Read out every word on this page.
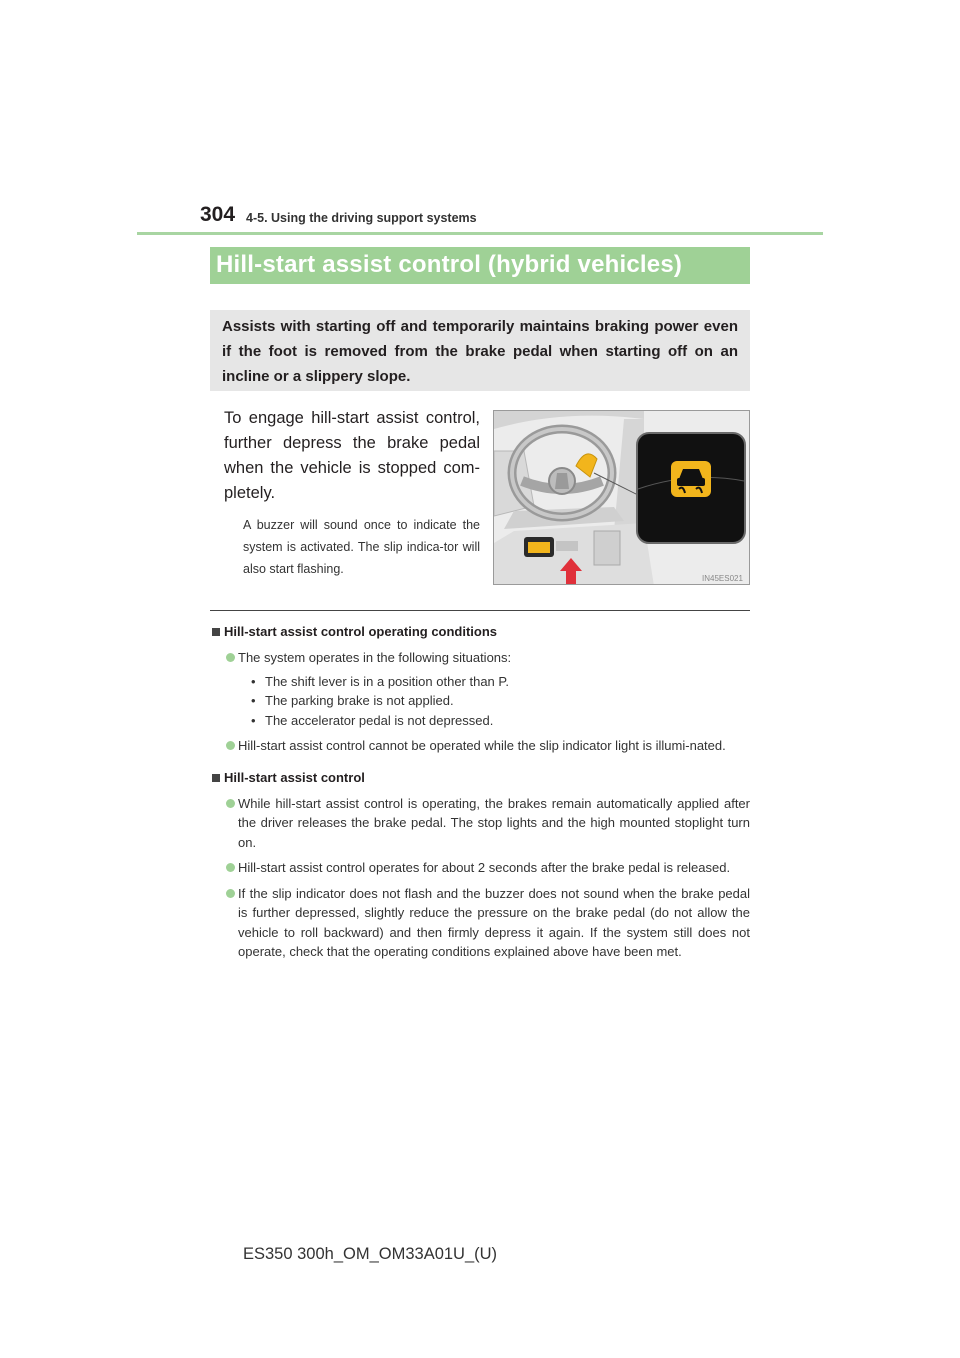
304 4-5. Using the driving support systems
Hill-start assist control (hybrid vehicles)

Assists with starting off and temporarily maintains braking power even if the foot is removed from the brake pedal when starting off on an incline or a slippery slope.

To engage hill-start assist control, further depress the brake pedal when the vehicle is stopped com-pletely.

A buzzer will sound once to indicate the system is activated. The slip indica-tor will also start flashing.

IN45ES021
Hill-start assist control operating conditions
The system operates in the following situations:
• The shift lever is in a position other than P.
• The parking brake is not applied.
• The accelerator pedal is not depressed.
Hill-start assist control cannot be operated while the slip indicator light is illumi-nated.
Hill-start assist control
While hill-start assist control is operating, the brakes remain automatically applied after the driver releases the brake pedal. The stop lights and the high mounted stoplight turn on.
Hill-start assist control operates for about 2 seconds after the brake pedal is released.
If the slip indicator does not flash and the buzzer does not sound when the brake pedal is further depressed, slightly reduce the pressure on the brake pedal (do not allow the vehicle to roll backward) and then firmly depress it again. If the system still does not operate, check that the operating conditions explained above have been met.
ES350 300h_OM_OM33A01U_(U)
